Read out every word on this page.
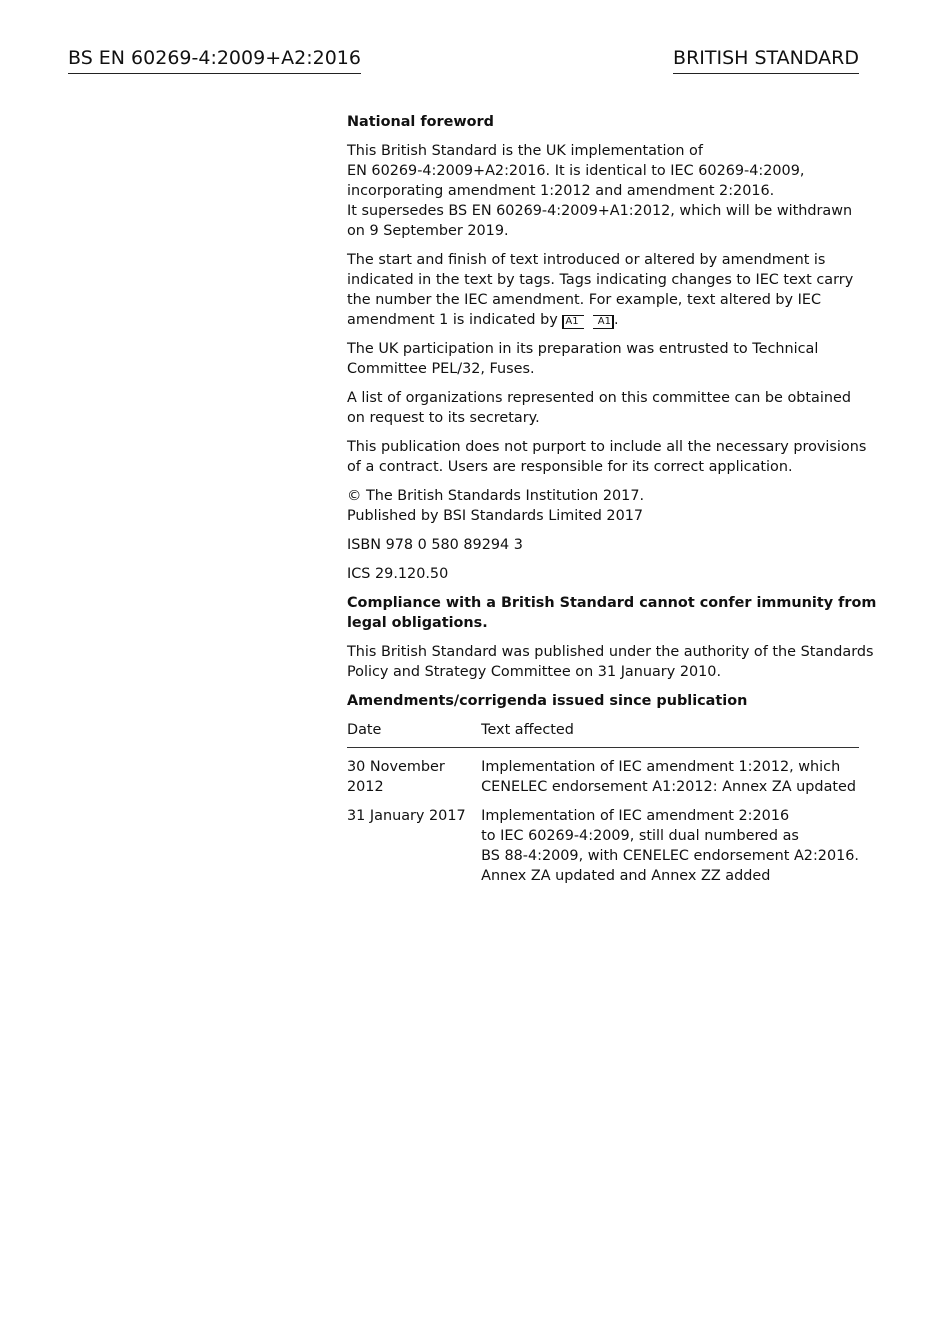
BS EN 60269-4:2009+A2:2016	BRITISH STANDARD

National foreword

This British Standard is the UK implementation of
EN 60269-4:2009+A2:2016. It is identical to IEC 60269-4:2009,
incorporating amendment 1:2012 and amendment 2:2016.
It supersedes BS EN 60269-4:2009+A1:2012, which will be withdrawn
on 9 September 2019.

The start and finish of text introduced or altered by amendment is
indicated in the text by tags. Tags indicating changes to IEC text carry
the number the IEC amendment. For example, text altered by IEC
amendment 1 is indicated by A1 A1 .

The UK participation in its preparation was entrusted to Technical
Committee PEL/32, Fuses.

A list of organizations represented on this committee can be obtained
on request to its secretary.

This publication does not purport to include all the necessary provisions
of a contract. Users are responsible for its correct application.

© The British Standards Institution 2017.
Published by BSI Standards Limited 2017

ISBN 978 0 580 89294 3

ICS 29.120.50

Compliance with a British Standard cannot confer immunity from
legal obligations.

This British Standard was published under the authority of the Standards
Policy and Strategy Committee on 31 January 2010.

Amendments/corrigenda issued since publication

Date	Text affected
30 November 2012	Implementation of IEC amendment 1:2012, which
CENELEC endorsement A1:2012: Annex ZA updated

31 January 2017	Implementation of IEC amendment 2:2016
to IEC 60269-4:2009, still dual numbered as
BS 88-4:2009, with CENELEC endorsement A2:2016.
Annex ZA updated and Annex ZZ added
